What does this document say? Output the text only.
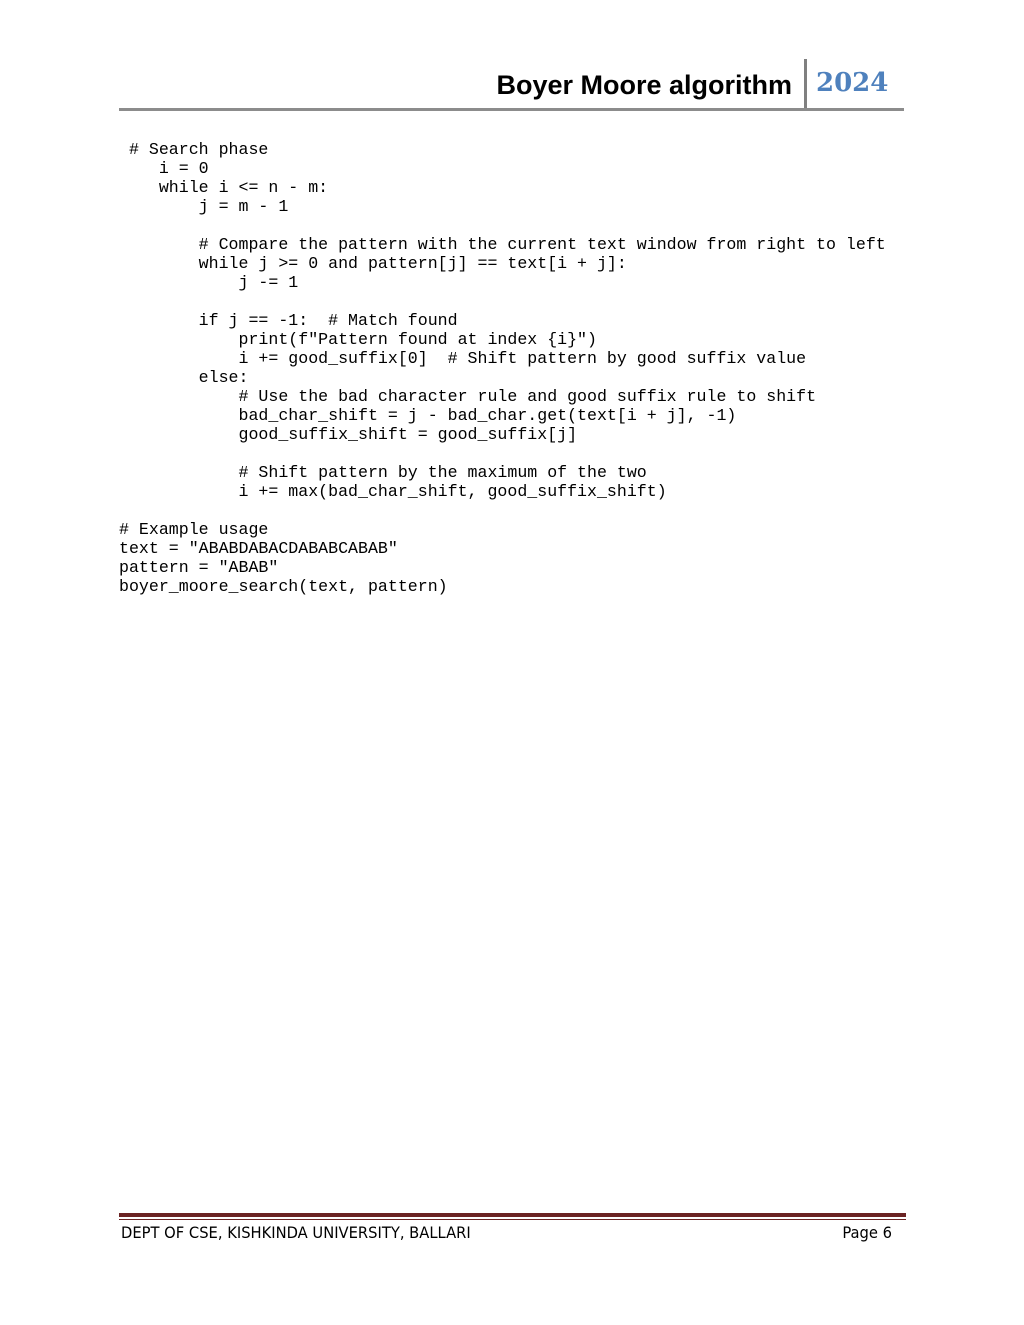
Boyer Moore algorithm 2024
# Search phase
i = 0
while i <= n - m:
j = m - 1
# Compare the pattern with the current text window from right to left
while j >= 0 and pattern[j] == text[i + j]:
j -= 1
if j == -1:  # Match found
print(f"Pattern found at index {i}")
i += good_suffix[0]  # Shift pattern by good suffix value
else:
# Use the bad character rule and good suffix rule to shift
bad_char_shift = j - bad_char.get(text[i + j], -1)
good_suffix_shift = good_suffix[j]
# Shift pattern by the maximum of the two
i += max(bad_char_shift, good_suffix_shift)
# Example usage
text = "ABABDABACDABABCABAB"
pattern = "ABAB"
boyer_moore_search(text, pattern)
DEPT OF CSE, KISHKINDA UNIVERSITY, BALLARI	Page 6
